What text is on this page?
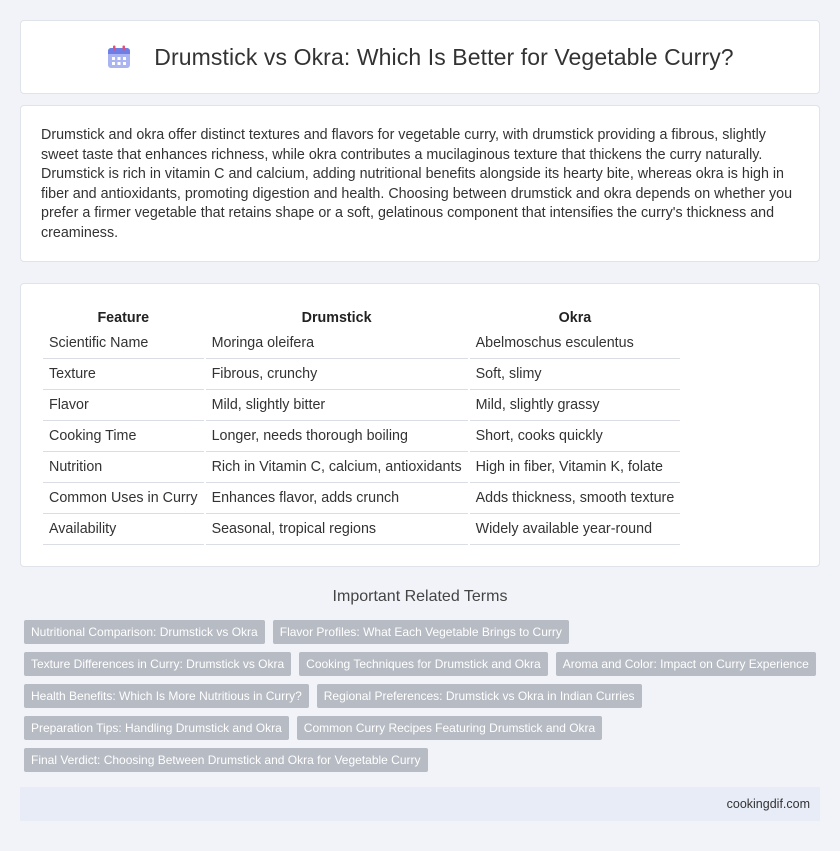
Drumstick vs Okra: Which Is Better for Vegetable Curry?

Drumstick and okra offer distinct textures and flavors for vegetable curry, with drumstick providing a fibrous, slightly sweet taste that enhances richness, while okra contributes a mucilaginous texture that thickens the curry naturally. Drumstick is rich in vitamin C and calcium, adding nutritional benefits alongside its hearty bite, whereas okra is high in fiber and antioxidants, promoting digestion and health. Choosing between drumstick and okra depends on whether you prefer a firmer vegetable that retains shape or a soft, gelatinous component that intensifies the curry's thickness and creaminess.

Feature	Drumstick	Okra
Scientific Name	Moringa oleifera	Abelmoschus esculentus
Texture	Fibrous, crunchy	Soft, slimy
Flavor	Mild, slightly bitter	Mild, slightly grassy
Cooking Time	Longer, needs thorough boiling	Short, cooks quickly
Nutrition	Rich in Vitamin C, calcium, antioxidants	High in fiber, Vitamin K, folate
Common Uses in Curry	Enhances flavor, adds crunch	Adds thickness, smooth texture
Availability	Seasonal, tropical regions	Widely available year-round
Important Related Terms
Nutritional Comparison: Drumstick vs Okra	Flavor Profiles: What Each Vegetable Brings to Curry
Texture Differences in Curry: Drumstick vs Okra	Cooking Techniques for Drumstick and Okra	Aroma and Color: Impact on Curry Experience
Health Benefits: Which Is More Nutritious in Curry?	Regional Preferences: Drumstick vs Okra in Indian Curries
Preparation Tips: Handling Drumstick and Okra	Common Curry Recipes Featuring Drumstick and Okra
Final Verdict: Choosing Between Drumstick and Okra for Vegetable Curry
cookingdif.com
